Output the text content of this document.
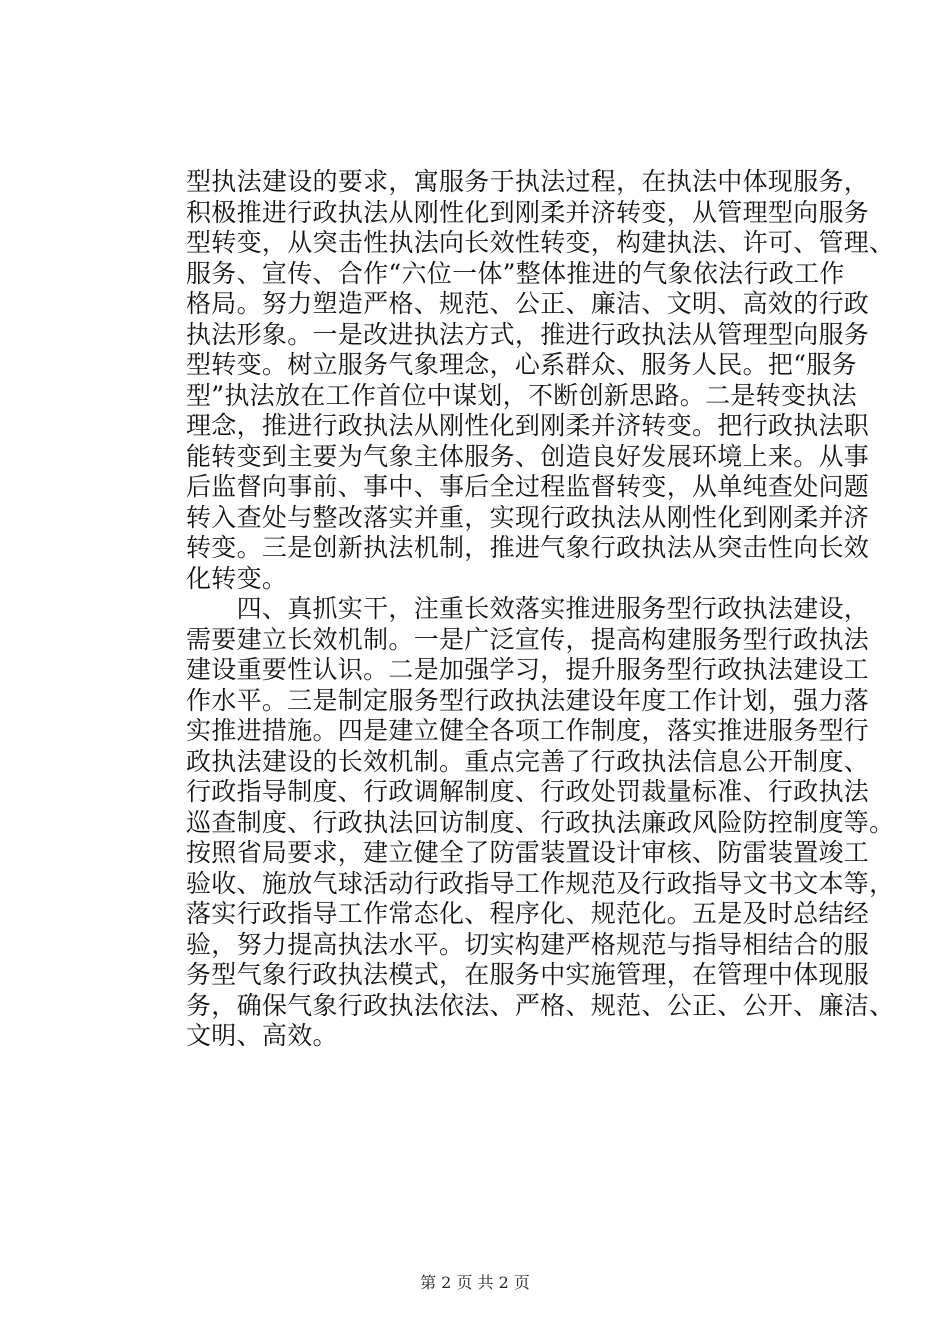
型执法建设的要求，寓服务于执法过程，在执法中体现服务，
积极推进行政执法从刚性化到刚柔并济转变，从管理型向服务
型转变，从突击性执法向长效性转变，构建执法、许可、管理、
服务、宣传、合作“六位一体”整体推进的气象依法行政工作
格局。努力塑造严格、规范、公正、廉洁、文明、高效的行政
执法形象。一是改进执法方式，推进行政执法从管理型向服务
型转变。树立服务气象理念，心系群众、服务人民。把“服务
型”执法放在工作首位中谋划，不断创新思路。二是转变执法
理念，推进行政执法从刚性化到刚柔并济转变。把行政执法职
能转变到主要为气象主体服务、创造良好发展环境上来。从事
后监督向事前、事中、事后全过程监督转变，从单纯查处问题
转入查处与整改落实并重，实现行政执法从刚性化到刚柔并济
转变。三是创新执法机制，推进气象行政执法从突击性向长效
化转变。
　　四、真抓实干，注重长效落实推进服务型行政执法建设，
需要建立长效机制。一是广泛宣传，提高构建服务型行政执法
建设重要性认识。二是加强学习，提升服务型行政执法建设工
作水平。三是制定服务型行政执法建设年度工作计划，强力落
实推进措施。四是建立健全各项工作制度，落实推进服务型行
政执法建设的长效机制。重点完善了行政执法信息公开制度、
行政指导制度、行政调解制度、行政处罚裁量标准、行政执法
巡查制度、行政执法回访制度、行政执法廉政风险防控制度等。
按照省局要求，建立健全了防雷装置设计审核、防雷装置竣工
验收、施放气球活动行政指导工作规范及行政指导文书文本等，
落实行政指导工作常态化、程序化、规范化。五是及时总结经
验，努力提高执法水平。切实构建严格规范与指导相结合的服
务型气象行政执法模式，在服务中实施管理，在管理中体现服
务，确保气象行政执法依法、严格、规范、公正、公开、廉洁、
文明、高效。
第 2 页 共 2 页
